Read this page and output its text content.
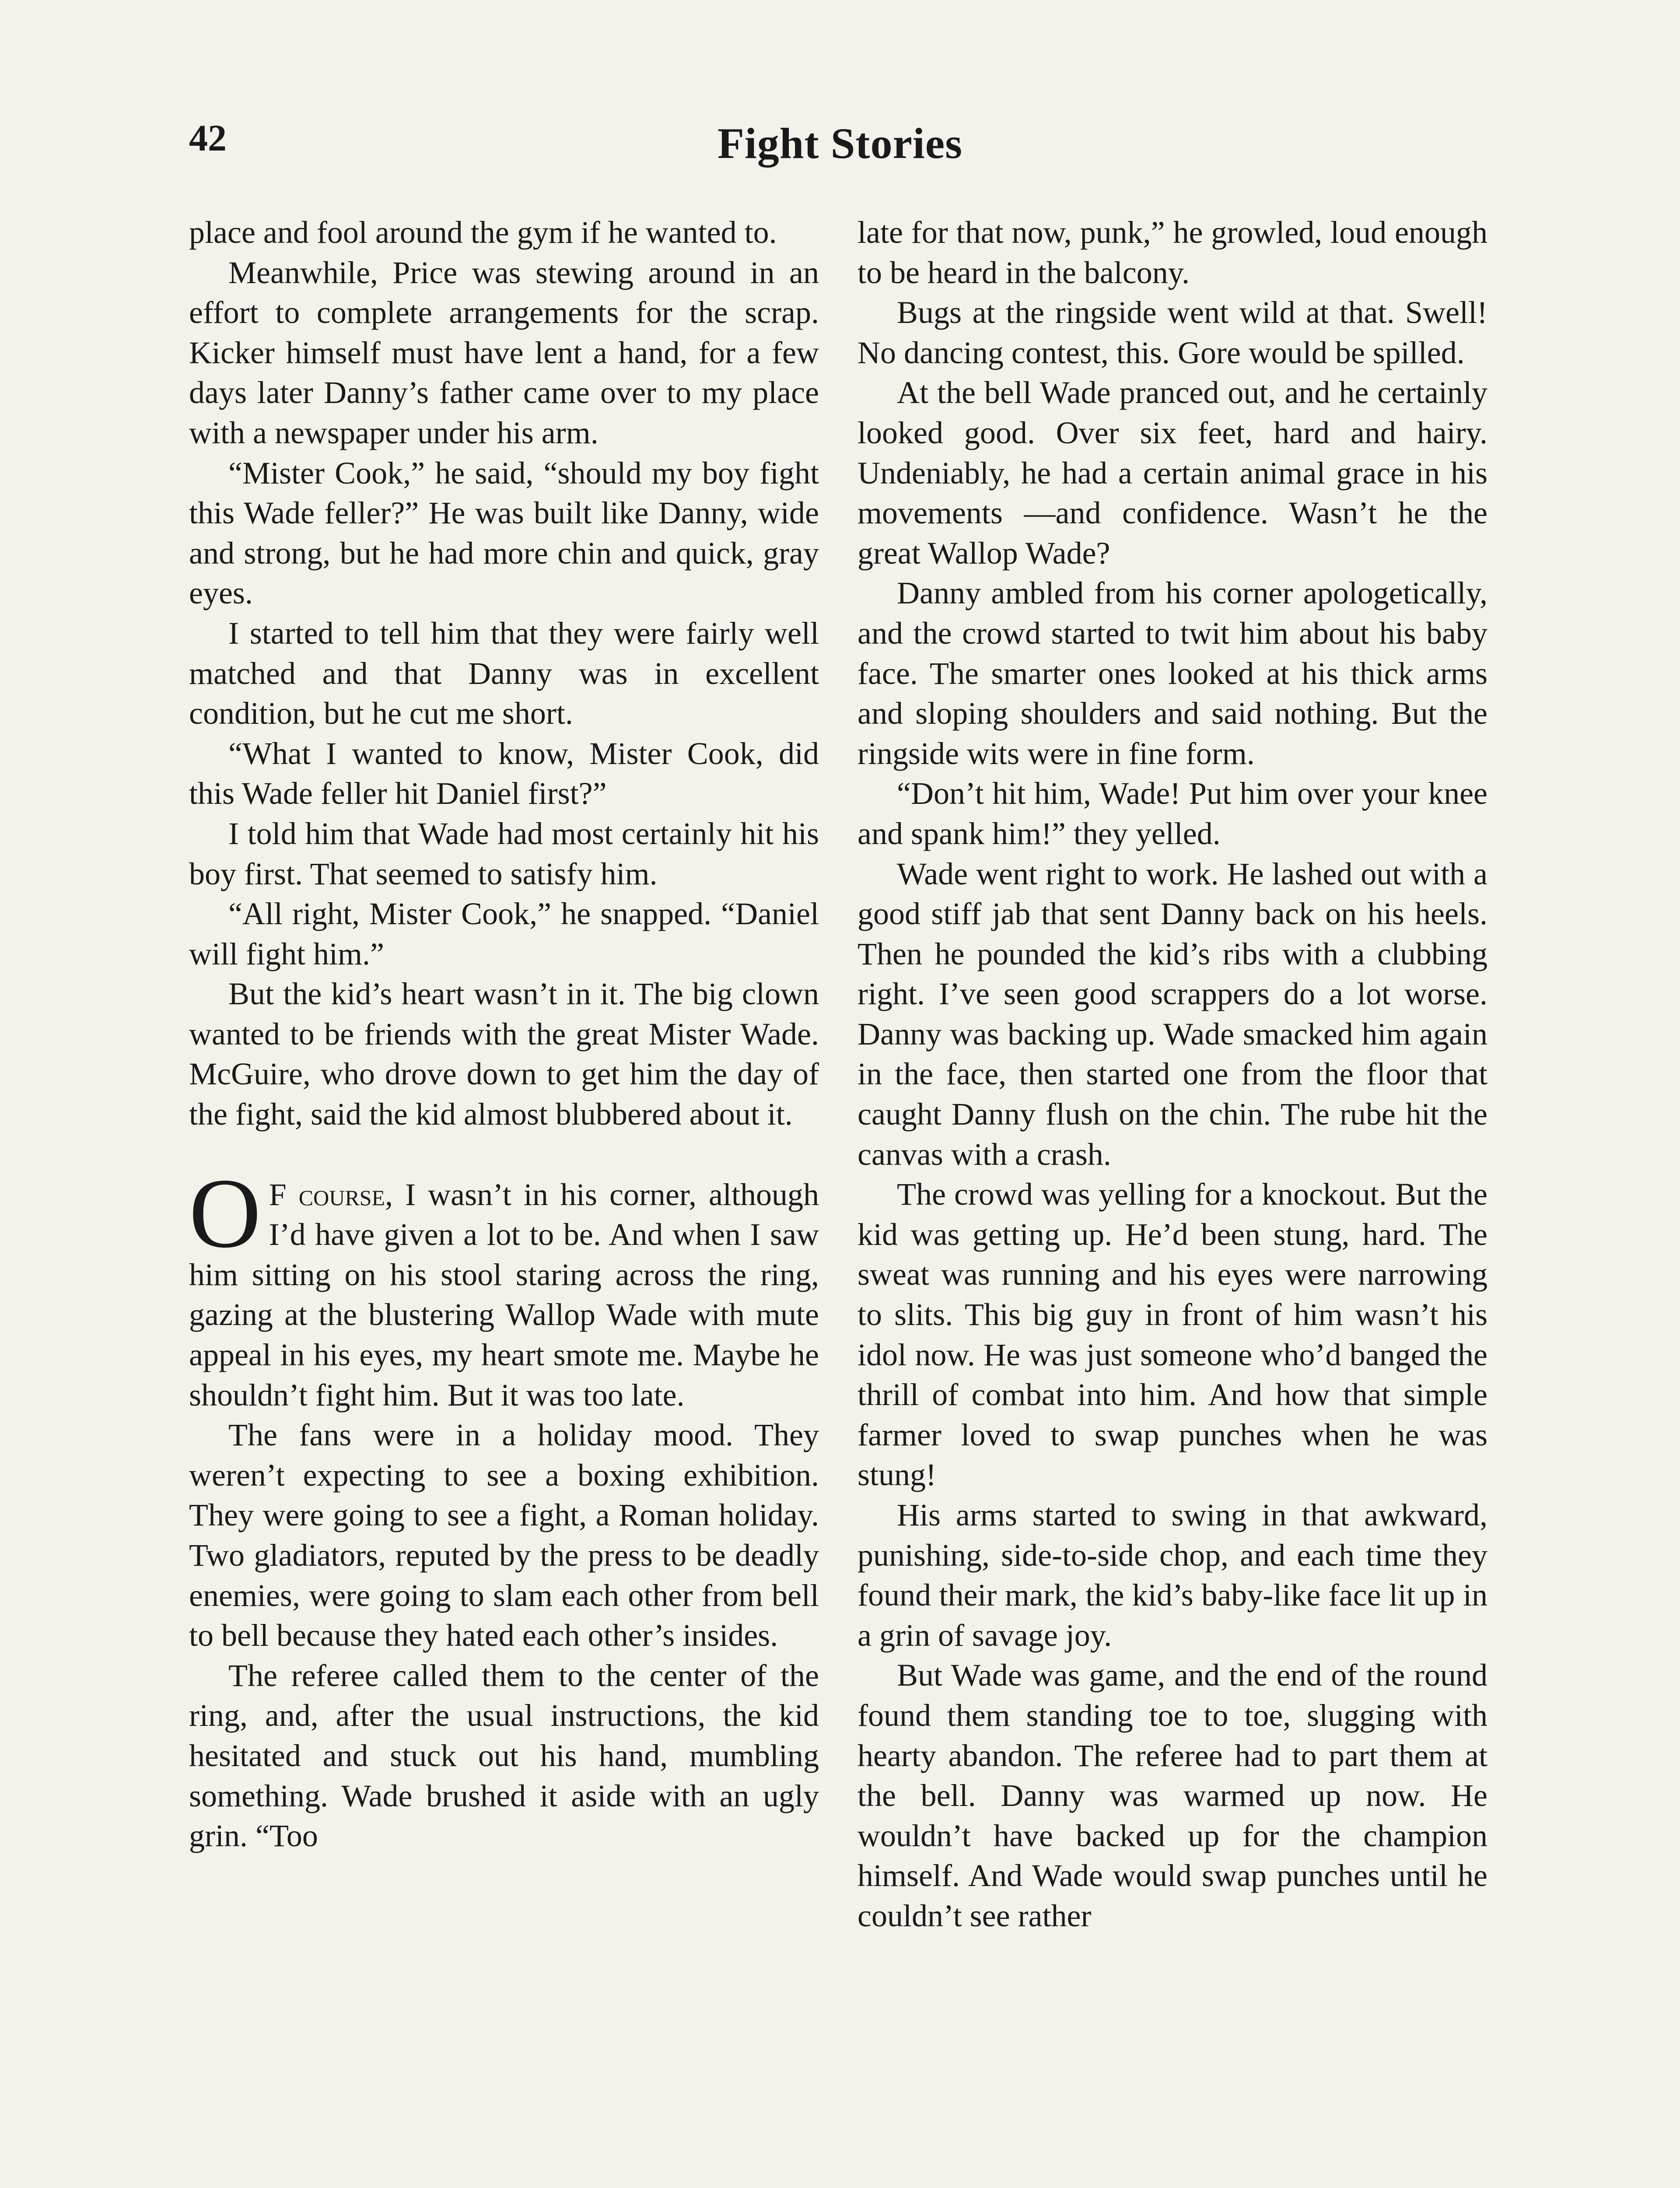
42	Fight Stories

place and fool around the gym if he wanted to.

Meanwhile, Price was stewing around in an effort to complete arrangements for the scrap. Kicker himself must have lent a hand, for a few days later Danny’s father came over to my place with a newspaper under his arm.

“Mister Cook,” he said, “should my boy fight this Wade feller?” He was built like Danny, wide and strong, but he had more chin and quick, gray eyes.

I started to tell him that they were fairly well matched and that Danny was in excellent condition, but he cut me short.

“What I wanted to know, Mister Cook, did this Wade feller hit Daniel first?”

I told him that Wade had most certainly hit his boy first. That seemed to satisfy him.

“All right, Mister Cook,” he snapped. “Daniel will fight him.”

But the kid’s heart wasn’t in it. The big clown wanted to be friends with the great Mister Wade. McGuire, who drove down to get him the day of the fight, said the kid almost blubbered about it.

O F course, I wasn’t in his corner, although I’d have given a lot to be. And when I saw him sitting on his stool staring across the ring, gazing at the blustering Wallop Wade with mute appeal in his eyes, my heart smote me. Maybe he shouldn’t fight him. But it was too late.

The fans were in a holiday mood. They weren’t expecting to see a boxing exhibition. They were going to see a fight, a Roman holiday. Two gladiators, reputed by the press to be deadly enemies, were going to slam each other from bell to bell because they hated each other’s insides.

The referee called them to the center of the ring, and, after the usual instructions, the kid hesitated and stuck out his hand, mumbling something. Wade brushed it aside with an ugly grin. “Too

late for that now, punk,” he growled, loud enough to be heard in the balcony.

Bugs at the ringside went wild at that. Swell! No dancing contest, this. Gore would be spilled.

At the bell Wade pranced out, and he certainly looked good. Over six feet, hard and hairy. Undeniably, he had a certain animal grace in his movements —and confidence. Wasn’t he the great Wallop Wade?

Danny ambled from his corner apologetically, and the crowd started to twit him about his baby face. The smarter ones looked at his thick arms and sloping shoulders and said nothing. But the ringside wits were in fine form.

“Don’t hit him, Wade! Put him over your knee and spank him!” they yelled.

Wade went right to work. He lashed out with a good stiff jab that sent Danny back on his heels. Then he pounded the kid’s ribs with a clubbing right. I’ve seen good scrappers do a lot worse. Danny was backing up. Wade smacked him again in the face, then started one from the floor that caught Danny flush on the chin. The rube hit the canvas with a crash.

The crowd was yelling for a knockout. But the kid was getting up. He’d been stung, hard. The sweat was running and his eyes were narrowing to slits. This big guy in front of him wasn’t his idol now. He was just someone who’d banged the thrill of combat into him. And how that simple farmer loved to swap punches when he was stung!

His arms started to swing in that awkward, punishing, side-to-side chop, and each time they found their mark, the kid’s baby-like face lit up in a grin of savage joy.

But Wade was game, and the end of the round found them standing toe to toe, slugging with hearty abandon. The referee had to part them at the bell. Danny was warmed up now. He wouldn’t have backed up for the champion himself. And Wade would swap punches until he couldn’t see rather
